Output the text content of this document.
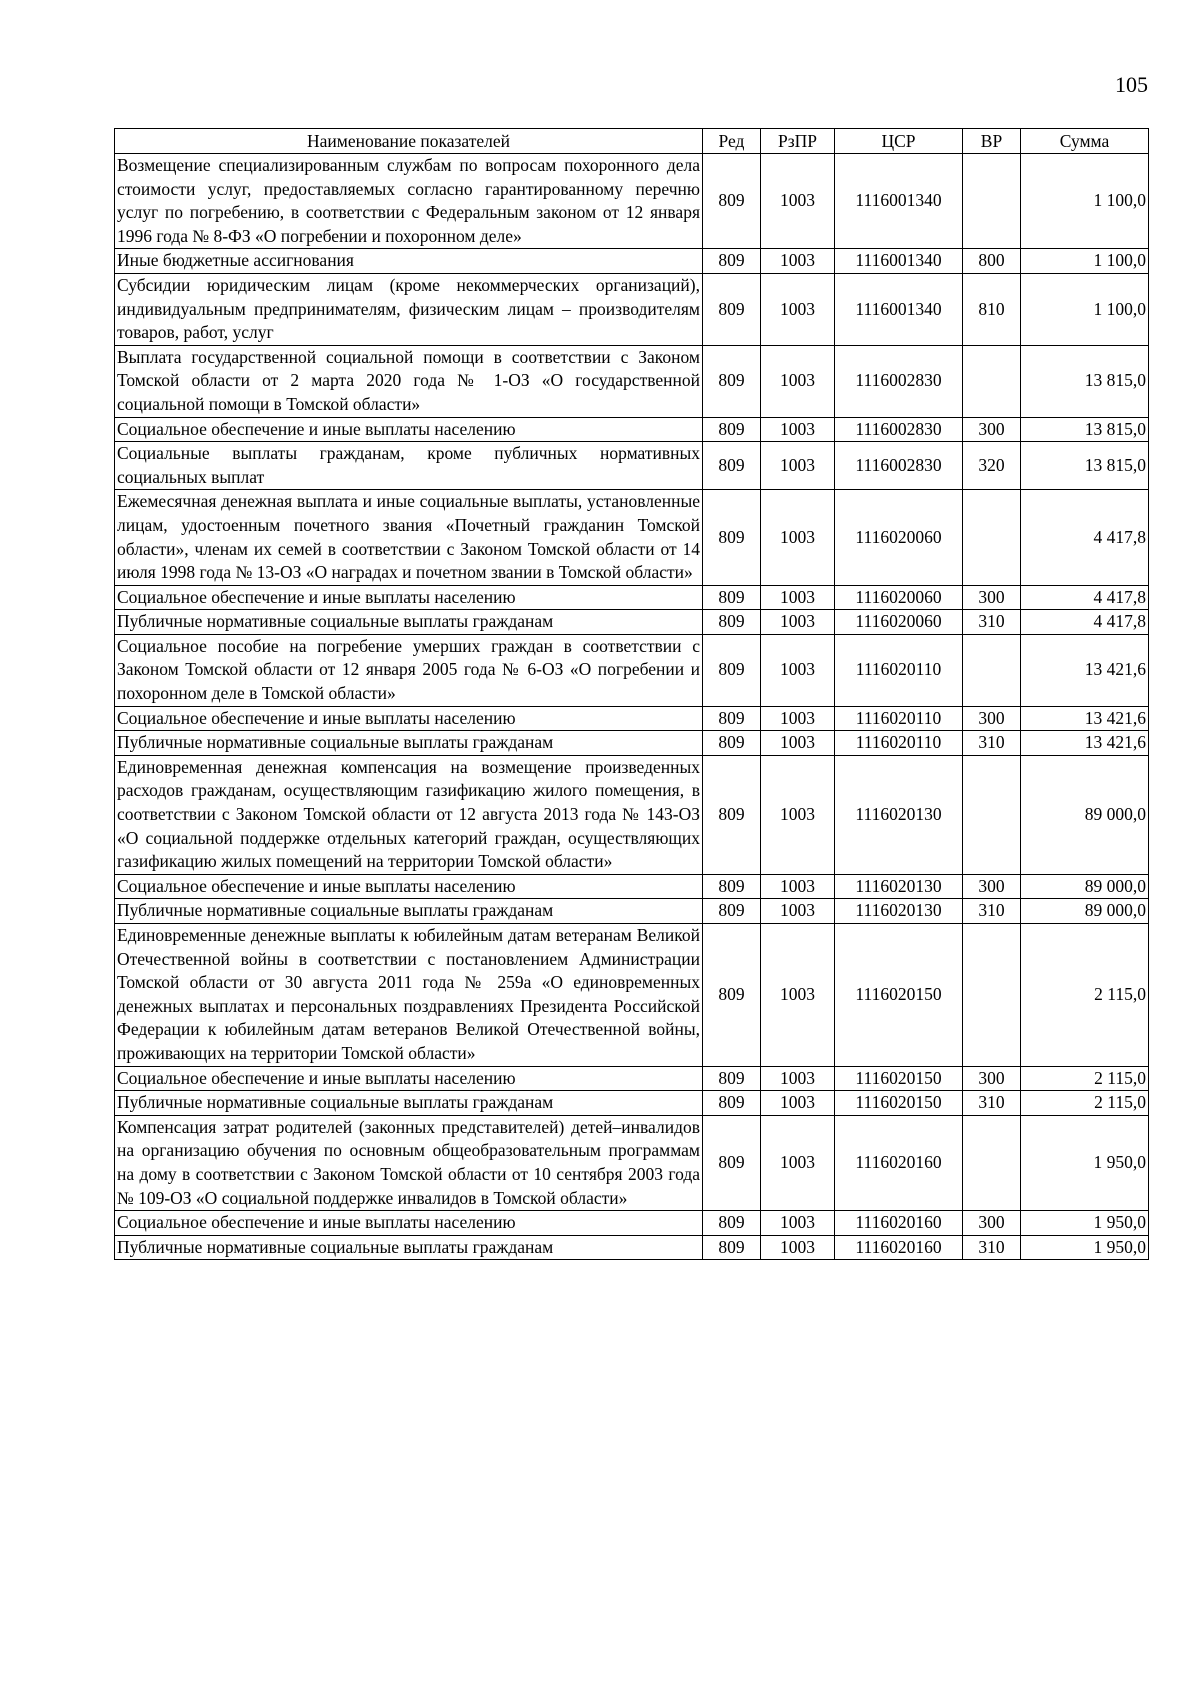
105
Наименование показателей	Ред	РзПР	ЦСР	ВР	Сумма
Возмещение специализированным службам по вопросам похоронного дела стоимости услуг, предоставляемых согласно гарантированному перечню услуг по погребению, в соответствии с Федеральным законом от 12 января 1996 года № 8-ФЗ «О погребении и похоронном деле»	809	1003	1116001340		1 100,0
Иные бюджетные ассигнования	809	1003	1116001340	800	1 100,0
Субсидии юридическим лицам (кроме некоммерческих организаций), индивидуальным предпринимателям, физическим лицам – производителям товаров, работ, услуг	809	1003	1116001340	810	1 100,0
Выплата государственной социальной помощи в соответствии с Законом Томской области от 2 марта 2020 года № 1-ОЗ «О государственной социальной помощи в Томской области»	809	1003	1116002830		13 815,0
Социальное обеспечение и иные выплаты населению	809	1003	1116002830	300	13 815,0
Социальные выплаты гражданам, кроме публичных нормативных социальных выплат	809	1003	1116002830	320	13 815,0
Ежемесячная денежная выплата и иные социальные выплаты, установленные лицам, удостоенным почетного звания «Почетный гражданин Томской области», членам их семей в соответствии с Законом Томской области от 14 июля 1998 года № 13-ОЗ «О наградах и почетном звании в Томской области»	809	1003	1116020060		4 417,8
Социальное обеспечение и иные выплаты населению	809	1003	1116020060	300	4 417,8
Публичные нормативные социальные выплаты гражданам	809	1003	1116020060	310	4 417,8
Социальное пособие на погребение умерших граждан в соответствии с Законом Томской области от 12 января 2005 года № 6-ОЗ «О погребении и похоронном деле в Томской области»	809	1003	1116020110		13 421,6
Социальное обеспечение и иные выплаты населению	809	1003	1116020110	300	13 421,6
Публичные нормативные социальные выплаты гражданам	809	1003	1116020110	310	13 421,6
Единовременная денежная компенсация на возмещение произведенных расходов гражданам, осуществляющим газификацию жилого помещения, в соответствии с Законом Томской области от 12 августа 2013 года № 143-ОЗ «О социальной поддержке отдельных категорий граждан, осуществляющих газификацию жилых помещений на территории Томской области»	809	1003	1116020130		89 000,0
Социальное обеспечение и иные выплаты населению	809	1003	1116020130	300	89 000,0
Публичные нормативные социальные выплаты гражданам	809	1003	1116020130	310	89 000,0
Единовременные денежные выплаты к юбилейным датам ветеранам Великой Отечественной войны в соответствии с постановлением Администрации Томской области от 30 августа 2011 года № 259а «О единовременных денежных выплатах и персональных поздравлениях Президента Российской Федерации к юбилейным датам ветеранов Великой Отечественной войны, проживающих на территории Томской области»	809	1003	1116020150		2 115,0
Социальное обеспечение и иные выплаты населению	809	1003	1116020150	300	2 115,0
Публичные нормативные социальные выплаты гражданам	809	1003	1116020150	310	2 115,0
Компенсация затрат родителей (законных представителей) детей–инвалидов на организацию обучения по основным общеобразовательным программам на дому в соответствии с Законом Томской области от 10 сентября 2003 года № 109-ОЗ «О социальной поддержке инвалидов в Томской области»	809	1003	1116020160		1 950,0
Социальное обеспечение и иные выплаты населению	809	1003	1116020160	300	1 950,0
Публичные нормативные социальные выплаты гражданам	809	1003	1116020160	310	1 950,0
